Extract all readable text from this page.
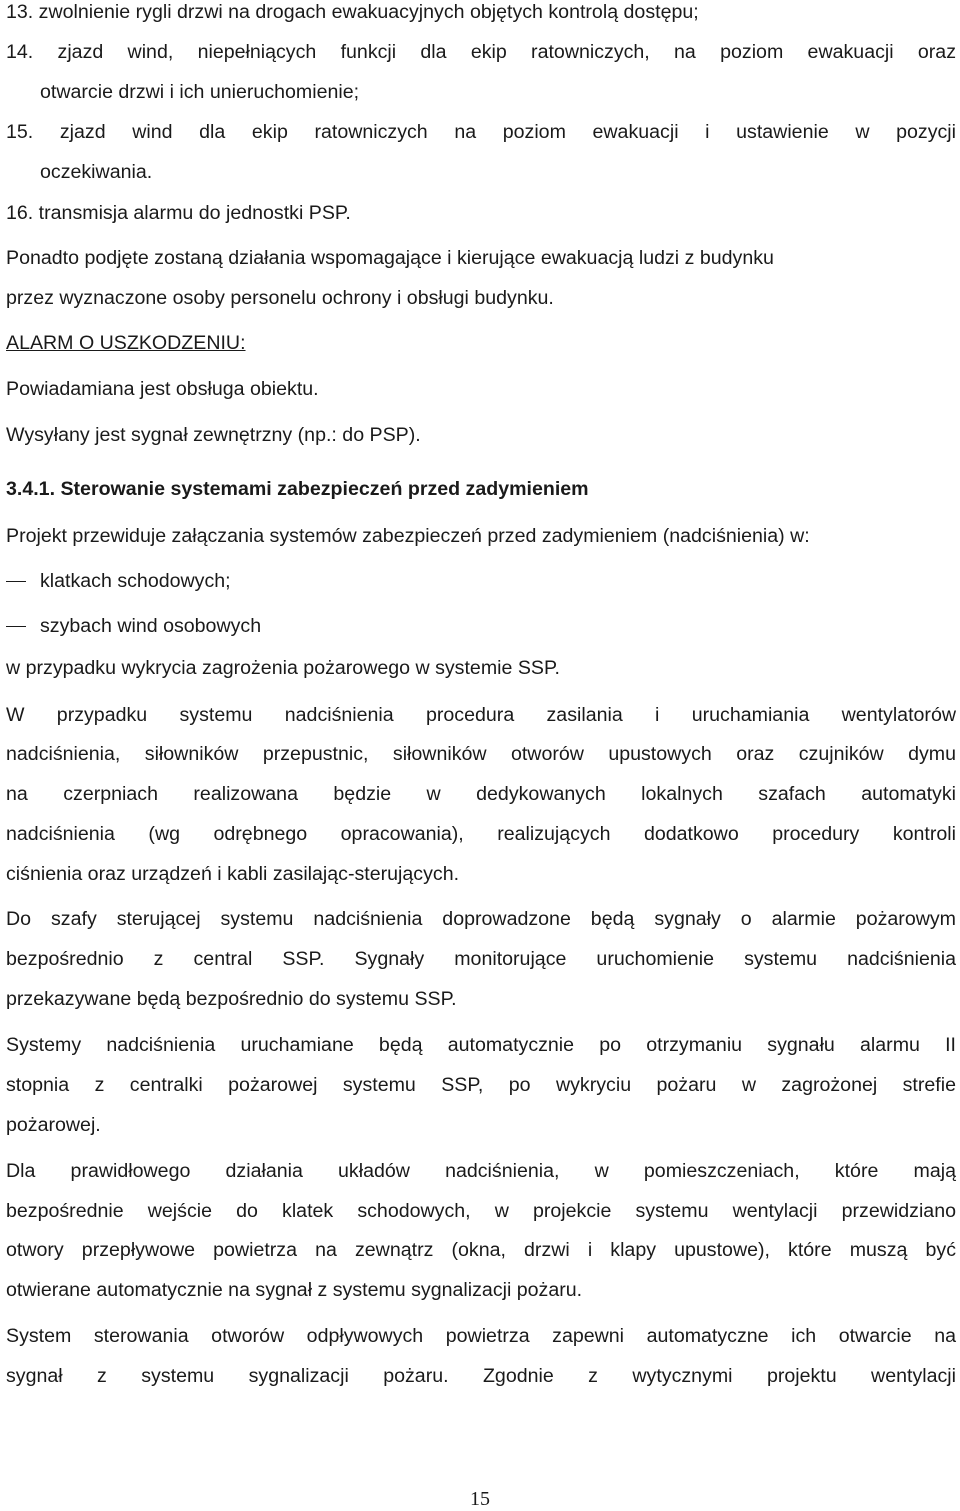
13. zwolnienie rygli drzwi na drogach ewakuacyjnych objętych kontrolą dostępu;
14. zjazd wind, niepełniących funkcji dla ekip ratowniczych, na poziom ewakuacji oraz
otwarcie drzwi i ich unieruchomienie;
15. zjazd wind dla ekip ratowniczych na poziom ewakuacji i ustawienie w pozycji
oczekiwania.
16. transmisja alarmu do jednostki PSP.
Ponadto podjęte zostaną działania wspomagające i kierujące ewakuacją ludzi z budynku
przez wyznaczone osoby personelu ochrony i obsługi budynku.
ALARM O USZKODZENIU:
Powiadamiana jest obsługa obiektu.
Wysyłany jest sygnał zewnętrzny (np.: do PSP).
3.4.1. Sterowanie systemami zabezpieczeń przed zadymieniem
Projekt przewiduje załączania systemów zabezpieczeń przed zadymieniem (nadciśnienia) w:
klatkach schodowych;
szybach wind osobowych
w przypadku wykrycia zagrożenia pożarowego w systemie SSP.
W przypadku systemu nadciśnienia procedura zasilania i uruchamiania wentylatorów
nadciśnienia, siłowników przepustnic, siłowników otworów upustowych oraz czujników dymu
na czerpniach realizowana będzie w dedykowanych lokalnych szafach automatyki
nadciśnienia (wg odrębnego opracowania), realizujących dodatkowo procedury kontroli
ciśnienia oraz urządzeń i kabli zasilając-sterujących.
Do szafy sterującej systemu nadciśnienia doprowadzone będą sygnały o alarmie pożarowym
bezpośrednio z central SSP. Sygnały monitorujące uruchomienie systemu nadciśnienia
przekazywane będą bezpośrednio do systemu SSP.
Systemy nadciśnienia uruchamiane będą automatycznie po otrzymaniu sygnału alarmu II
stopnia z centralki pożarowej systemu SSP, po wykryciu pożaru w zagrożonej strefie
pożarowej.
Dla prawidłowego działania układów nadciśnienia, w pomieszczeniach, które mają
bezpośrednie wejście do klatek schodowych, w projekcie systemu wentylacji przewidziano
otwory przepływowe powietrza na zewnątrz (okna, drzwi i klapy upustowe), które muszą być
otwierane automatycznie na sygnał z systemu sygnalizacji pożaru.
System sterowania otworów odpływowych powietrza zapewni automatyczne ich otwarcie na
sygnał z systemu sygnalizacji pożaru. Zgodnie z wytycznymi projektu wentylacji
15
